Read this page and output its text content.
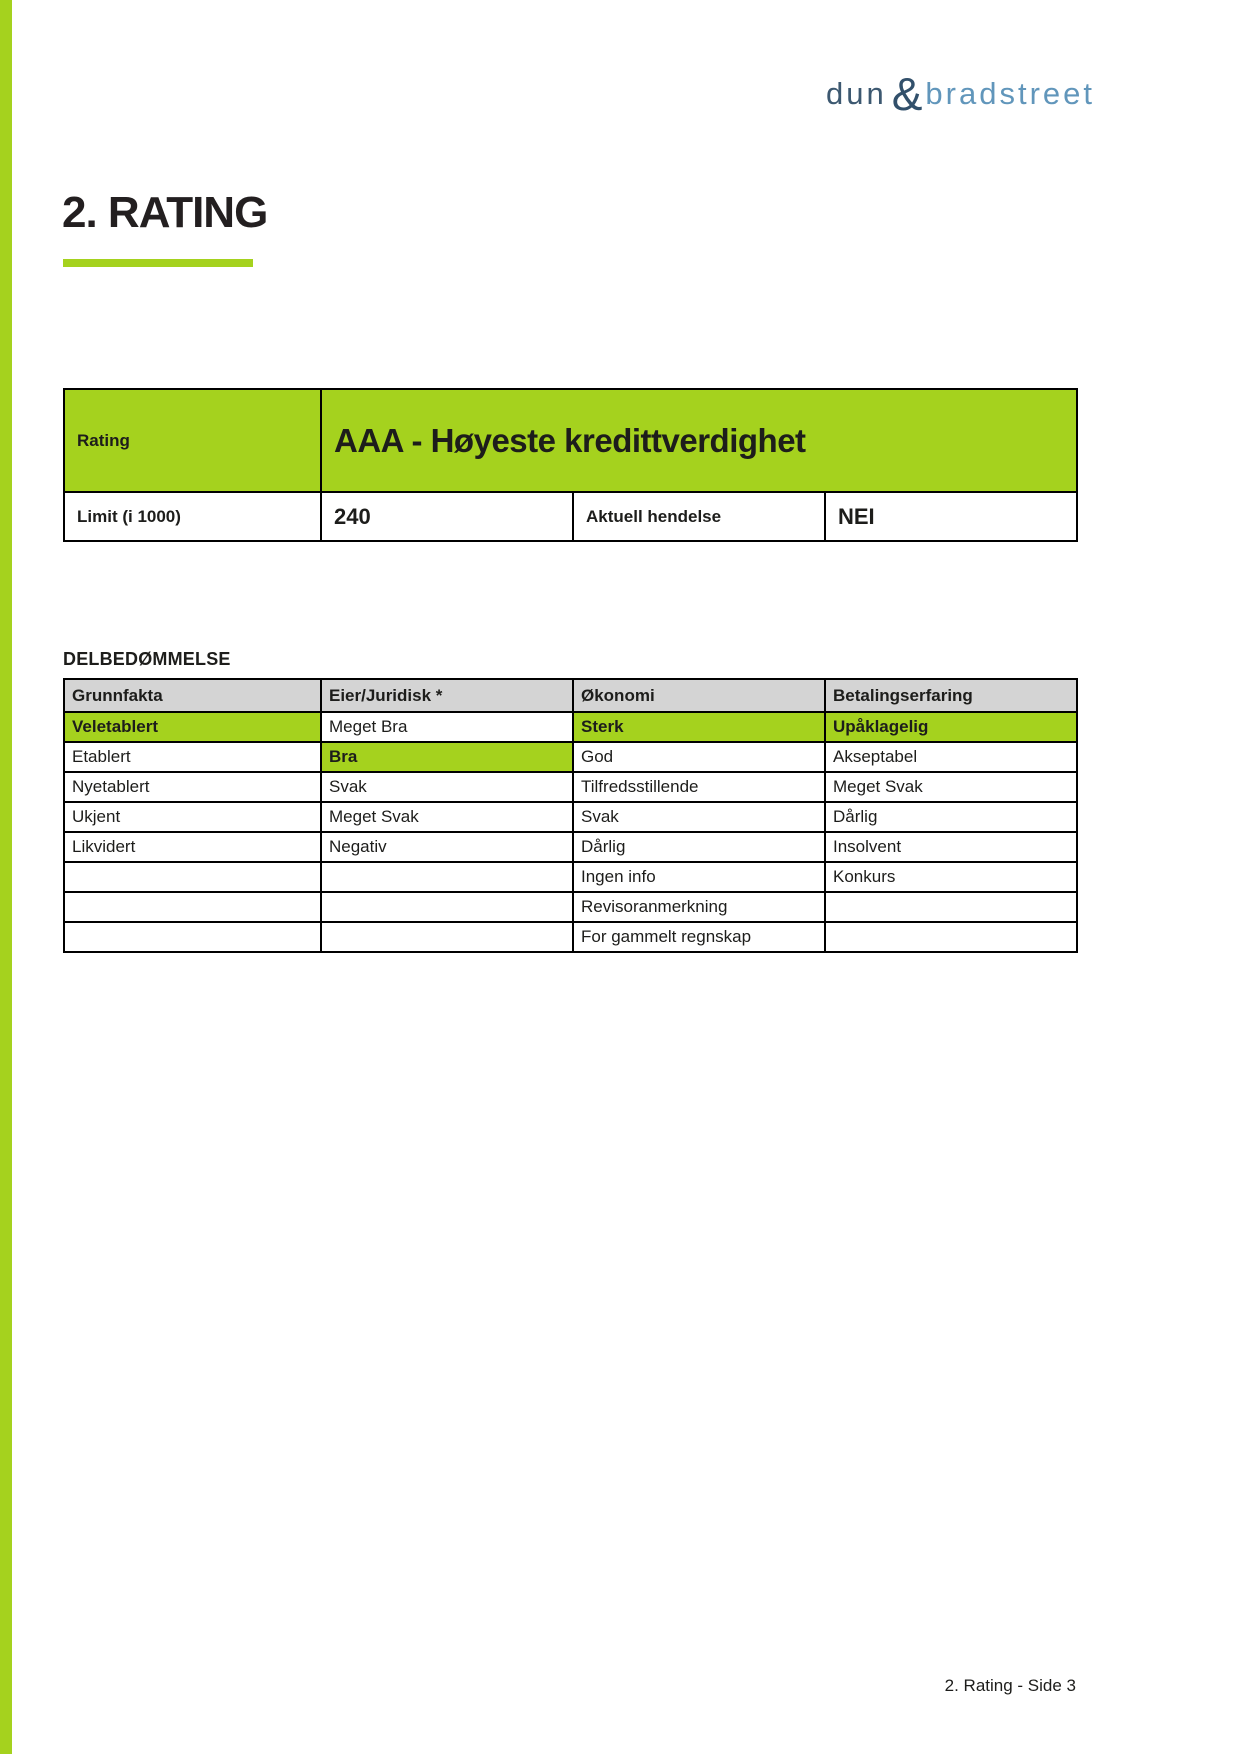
dun & bradstreet
2. RATING
Rating	AAA - Høyeste kredittverdighet		
Limit (i 1000)	240	Aktuell hendelse	NEI
DELBEDØMMELSE
Grunnfakta	Eier/Juridisk *	Økonomi	Betalingserfaring
Veletablert	Meget Bra	Sterk	Upåklagelig
Etablert	Bra	God	Akseptabel
Nyetablert	Svak	Tilfredsstillende	Meget Svak
Ukjent	Meget Svak	Svak	Dårlig
Likvidert	Negativ	Dårlig	Insolvent
		Ingen info	Konkurs
		Revisoranmerkning	
		For gammelt regnskap	
2. Rating - Side 3
